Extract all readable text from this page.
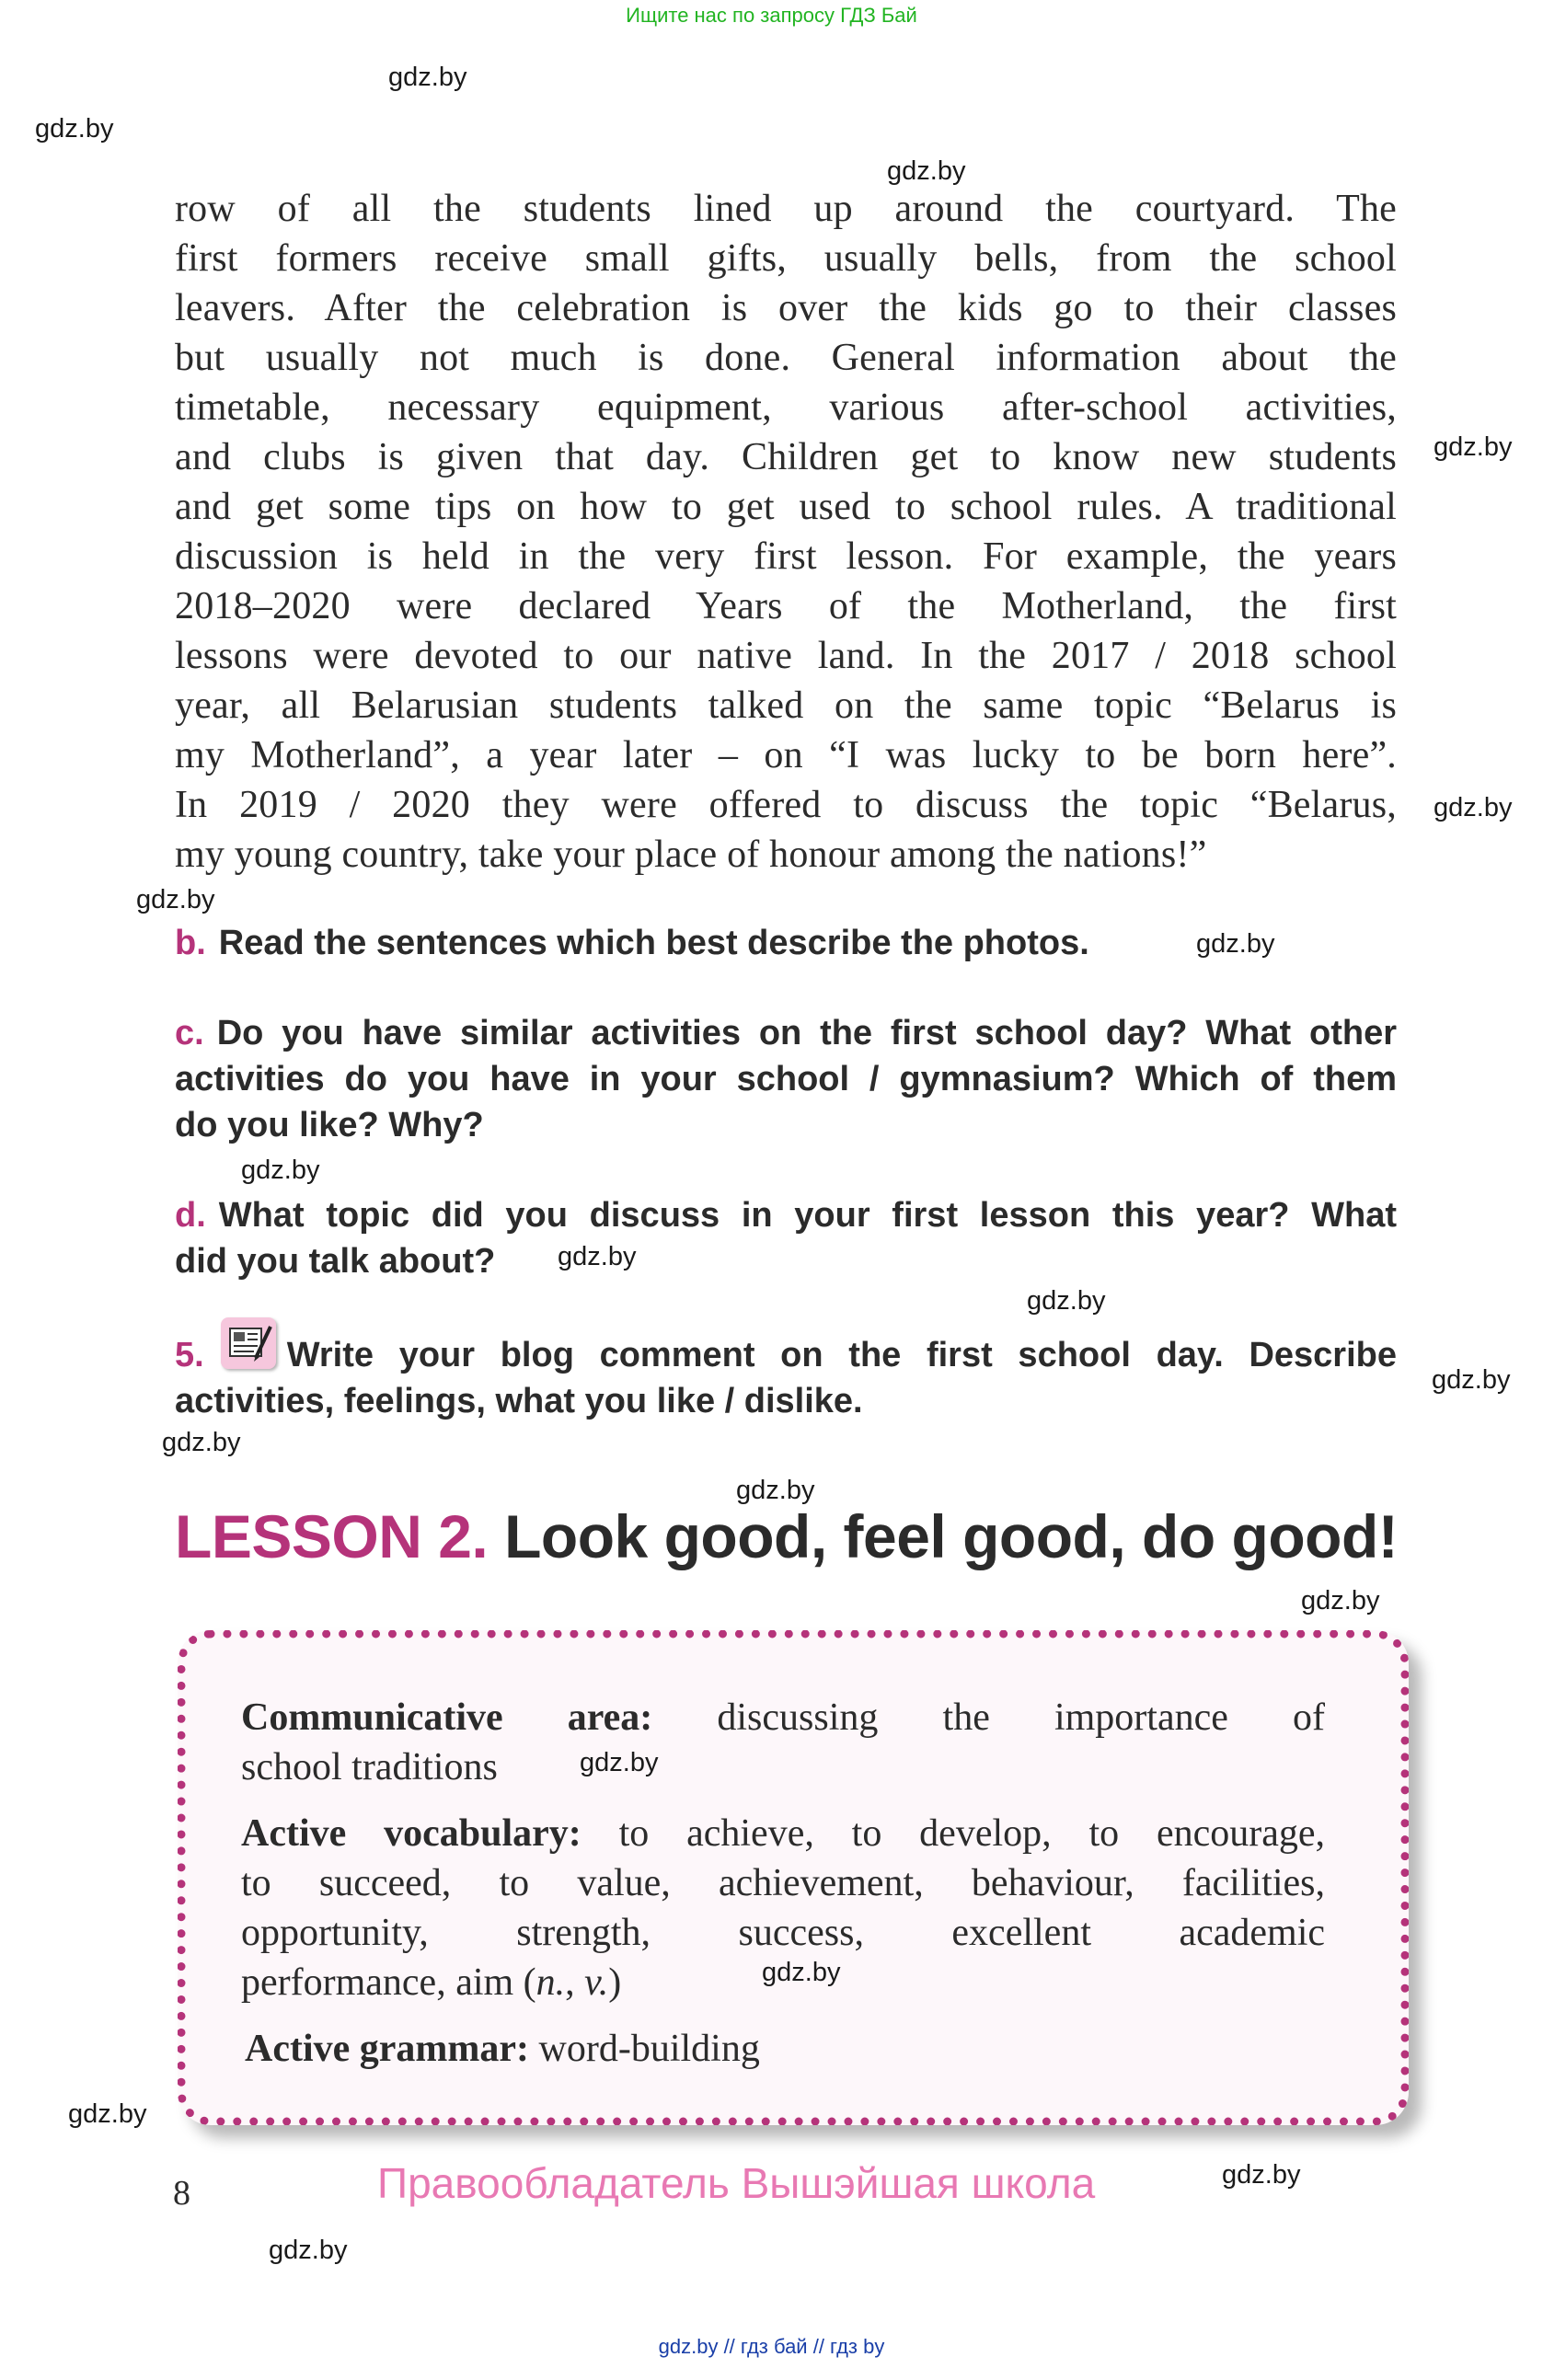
Ищите нас по запросу ГДЗ Бай
gdz.by
gdz.by
gdz.by
gdz.by
gdz.by
gdz.by
gdz.by
gdz.by
gdz.by
gdz.by
gdz.by
gdz.by
gdz.by
gdz.by
gdz.by
gdz.by
gdz.by
row of all the students lined up around the courtyard. The
first formers receive small gifts, usually bells, from the school
leavers. After the celebration is over the kids go to their classes
but usually not much is done. General information about the
timetable, necessary equipment, various after-school activities,
and clubs is given that day. Children get to know new students
and get some tips on how to get used to school rules. A traditional
discussion is held in the very first lesson. For example, the years
2018–2020 were declared Years of the Motherland, the first
lessons were devoted to our native land. In the 2017 / 2018 school
year, all Belarusian students talked on the same topic “Belarus is
my Motherland”, a year later – on “I was lucky to be born here”.
In 2019 / 2020 they were offered to discuss the topic “Belarus,
my young country, take your place of honour among the nations!”
b. Read the sentences which best describe the photos.
c. Do you have similar activities on the first school day? What other
activities do you have in your school / gymnasium? Which of them
do you like? Why?
d. What topic did you discuss in your first lesson this year? What
did you talk about?
5. Write your blog comment on the first school day. Describe
activities, feelings, what you like / dislike.
LESSON 2. Look good, feel good, do good!
Communicative area: discussing the importance of
school traditions	gdz.by
Active vocabulary: to achieve, to develop, to encourage,
to succeed, to value, achievement, behaviour, facilities,
opportunity, strength, success, excellent academic
performance, aim (n., v.)	gdz.by
Active grammar: word-building
8	Правообладатель Вышэйшая школа
gdz.by // гдз бай // гдз by
